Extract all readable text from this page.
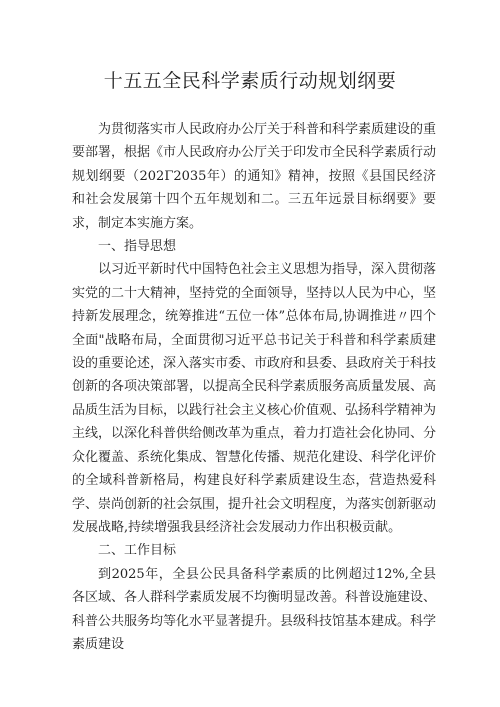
十五五全民科学素质行动规划纲要

为贯彻落实市人民政府办公厅关于科普和科学素质建设的重要部署，根据《市人民政府办公厅关于印发市全民科学素质行动规划纲要（202Γ2035年）的通知》精神，按照《县国民经济和社会发展第十四个五年规划和二。三五年远景目标纲要》要求，制定本实施方案。

一、指导思想

以习近平新时代中国特色社会主义思想为指导，深入贯彻落实党的二十大精神，坚持党的全面领导，坚持以人民为中心，坚持新发展理念，统筹推进“五位一体”总体布局,协调推进〃四个全面"战略布局，全面贯彻习近平总书记关于科普和科学素质建设的重要论述，深入落实市委、市政府和县委、县政府关于科技创新的各项决策部署，以提高全民科学素质服务高质量发展、高品质生活为目标，以践行社会主义核心价值观、弘扬科学精神为主线，以深化科普供给侧改革为重点，着力打造社会化协同、分众化覆盖、系统化集成、智慧化传播、规范化建设、科学化评价的全域科普新格局，构建良好科学素质建设生态，营造热爱科学、崇尚创新的社会氛围，提升社会文明程度，为落实创新驱动发展战略,持续增强我县经济社会发展动力作出积极贡献。

二、工作目标

到2025年，全县公民具备科学素质的比例超过12%,全县各区域、各人群科学素质发展不均衡明显改善。科普设施建设、科普公共服务均等化水平显著提升。县级科技馆基本建成。科学素质建设
